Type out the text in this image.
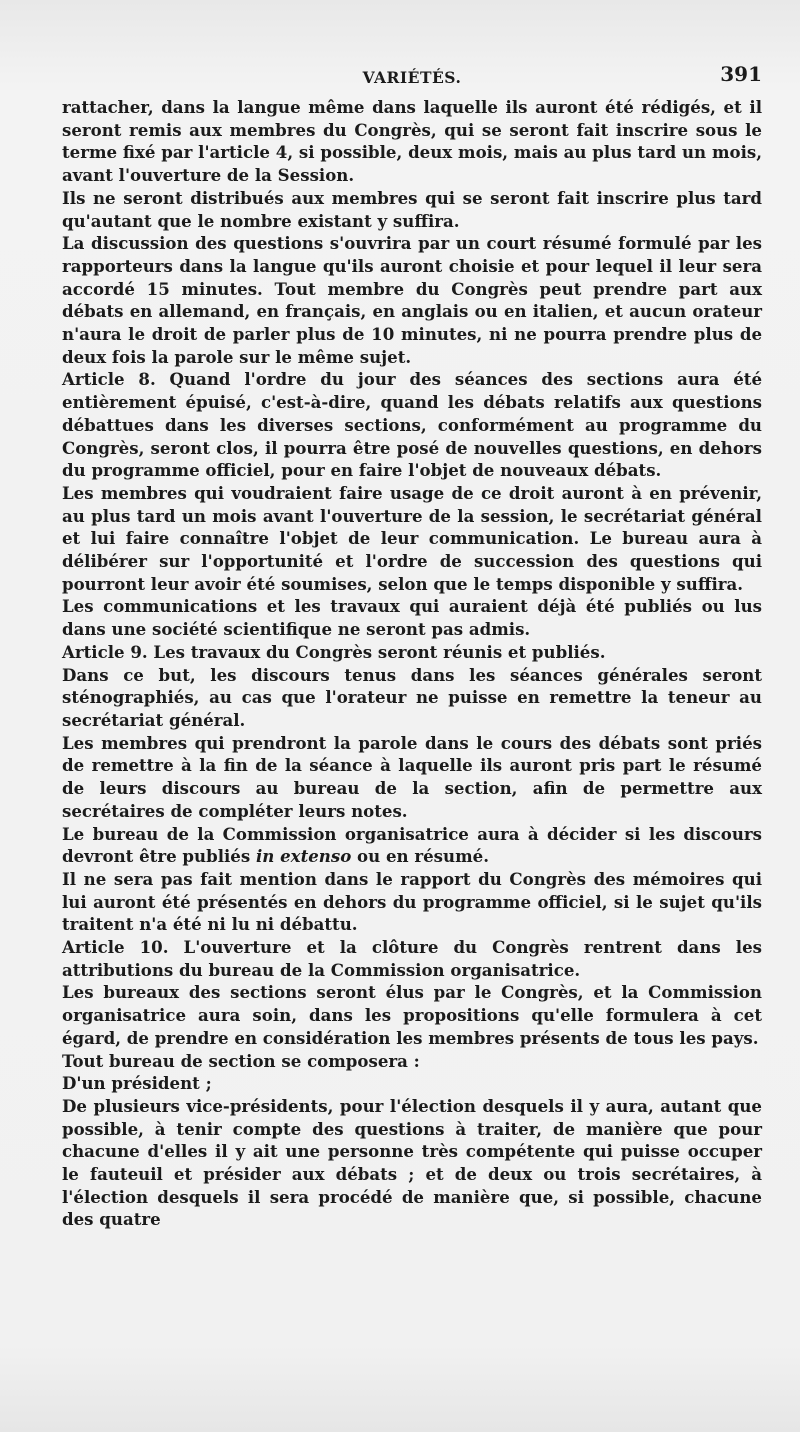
VARIÉTÉS.	391

rattacher, dans la langue même dans laquelle ils auront été rédigés, et il seront remis aux membres du Congrès, qui se seront fait inscrire sous le terme fixé par l'article 4, si possible, deux mois, mais au plus tard un mois, avant l'ouverture de la Session.

Ils ne seront distribués aux membres qui se seront fait inscrire plus tard qu'autant que le nombre existant y suffira.

La discussion des questions s'ouvrira par un court résumé formulé par les rapporteurs dans la langue qu'ils auront choisie et pour lequel il leur sera accordé 15 minutes. Tout membre du Congrès peut prendre part aux débats en allemand, en français, en anglais ou en italien, et aucun orateur n'aura le droit de parler plus de 10 minutes, ni ne pourra prendre plus de deux fois la parole sur le même sujet.

Article 8. Quand l'ordre du jour des séances des sections aura été entièrement épuisé, c'est-à-dire, quand les débats relatifs aux questions débattues dans les diverses sections, conformément au programme du Congrès, seront clos, il pourra être posé de nouvelles questions, en dehors du programme officiel, pour en faire l'objet de nouveaux débats.

Les membres qui voudraient faire usage de ce droit auront à en prévenir, au plus tard un mois avant l'ouverture de la session, le secrétariat général et lui faire connaître l'objet de leur communication. Le bureau aura à délibérer sur l'opportunité et l'ordre de succession des questions qui pourront leur avoir été soumises, selon que le temps disponible y suffira.

Les communications et les travaux qui auraient déjà été publiés ou lus dans une société scientifique ne seront pas admis.

Article 9. Les travaux du Congrès seront réunis et publiés.

Dans ce but, les discours tenus dans les séances générales seront sténographiés, au cas que l'orateur ne puisse en remettre la teneur au secrétariat général.

Les membres qui prendront la parole dans le cours des débats sont priés de remettre à la fin de la séance à laquelle ils auront pris part le résumé de leurs discours au bureau de la section, afin de permettre aux secrétaires de compléter leurs notes.

Le bureau de la Commission organisatrice aura à décider si les discours devront être publiés in extenso ou en résumé.

Il ne sera pas fait mention dans le rapport du Congrès des mémoires qui lui auront été présentés en dehors du programme officiel, si le sujet qu'ils traitent n'a été ni lu ni débattu.

Article 10. L'ouverture et la clôture du Congrès rentrent dans les attributions du bureau de la Commission organisatrice.

Les bureaux des sections seront élus par le Congrès, et la Commission organisatrice aura soin, dans les propositions qu'elle formulera à cet égard, de prendre en considération les membres présents de tous les pays.

Tout bureau de section se composera :

D'un président ;

De plusieurs vice-présidents, pour l'élection desquels il y aura, autant que possible, à tenir compte des questions à traiter, de manière que pour chacune d'elles il y ait une personne très compétente qui puisse occuper le fauteuil et présider aux débats ; et de deux ou trois secrétaires, à l'élection desquels il sera procédé de manière que, si possible, chacune des quatre
